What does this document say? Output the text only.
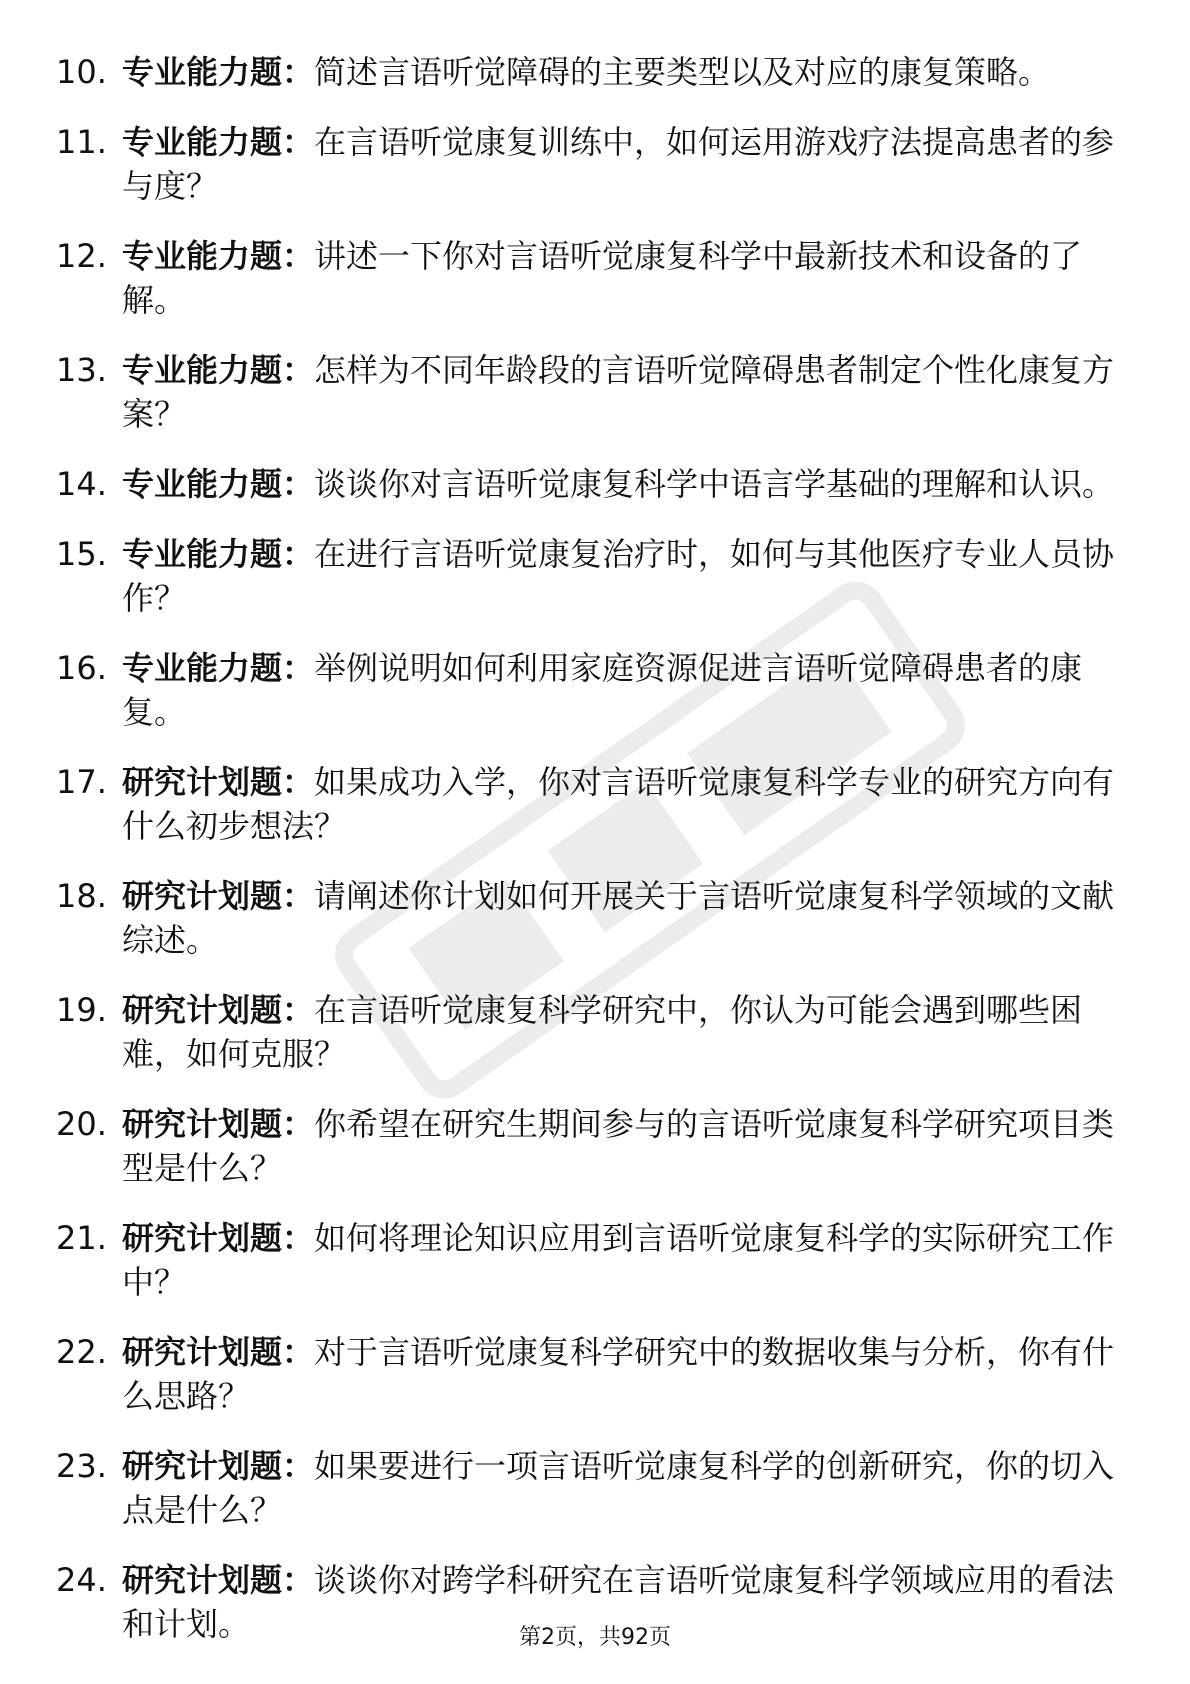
10. 专业能力题：简述言语听觉障碍的主要类型以及对应的康复策略。
11. 专业能力题：在言语听觉康复训练中，如何运用游戏疗法提高患者的参与度？
12. 专业能力题：讲述一下你对言语听觉康复科学中最新技术和设备的了解。
13. 专业能力题：怎样为不同年龄段的言语听觉障碍患者制定个性化康复方案？
14. 专业能力题：谈谈你对言语听觉康复科学中语言学基础的理解和认识。
15. 专业能力题：在进行言语听觉康复治疗时，如何与其他医疗专业人员协作？
16. 专业能力题：举例说明如何利用家庭资源促进言语听觉障碍患者的康复。
17. 研究计划题：如果成功入学，你对言语听觉康复科学专业的研究方向有什么初步想法？
18. 研究计划题：请阐述你计划如何开展关于言语听觉康复科学领域的文献综述。
19. 研究计划题：在言语听觉康复科学研究中，你认为可能会遇到哪些困难，如何克服？
20. 研究计划题：你希望在研究生期间参与的言语听觉康复科学研究项目类型是什么？
21. 研究计划题：如何将理论知识应用到言语听觉康复科学的实际研究工作中？
22. 研究计划题：对于言语听觉康复科学研究中的数据收集与分析，你有什么思路？
23. 研究计划题：如果要进行一项言语听觉康复科学的创新研究，你的切入点是什么？
24. 研究计划题：谈谈你对跨学科研究在言语听觉康复科学领域应用的看法和计划。	第2页，共92页
